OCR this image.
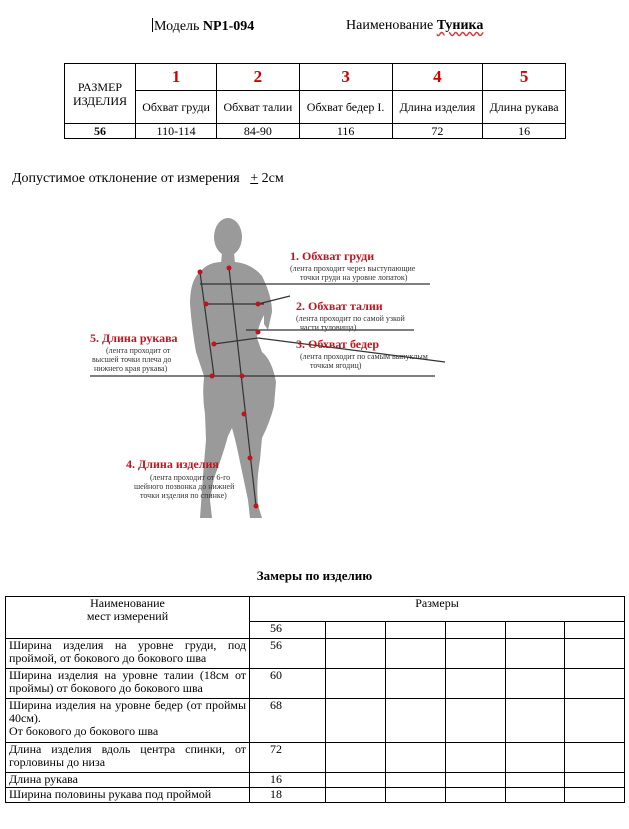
Модель NP1-094	Наименование Туника
РАЗМЕР ИЗДЕЛИЯ	1	2	3	4	5
	Обхват груди	Обхват талии	Обхват бедер I.	Длина изделия	Длина рукава
56	110-114	84-90	116	72	16
Допустимое отклонение от измерения + 2см
1. Обхват груди
(лента проходит через выступающие
точки груди на уровне лопаток)
2. Обхват талии
(лента проходит по самой узкой
части туловища)
3. Обхват бедер
(лента проходит по самым выпуклым
точкам ягодиц)
4. Длина изделия
(лента проходит от 6-го
шейного позвонка до нижней
точки изделия по спинке)
5. Длина рукава
(лента проходит от
высшей точки плеча до
нижнего края рукава)
Замеры по изделию
Наименование
мест измерений	Размеры					
	56					
Ширина изделия на уровне груди, под проймой, от бокового до бокового шва	56					
Ширина изделия на уровне талии (18см от проймы) от бокового до бокового шва	60					

Ширина изделия на уровне бедер (от проймы 40см).
От бокового до бокового шва	68					
Длина изделия вдоль центра спинки, от горловины до низа	72					
Длина рукава	16					
Ширина половины рукава под проймой	18					
